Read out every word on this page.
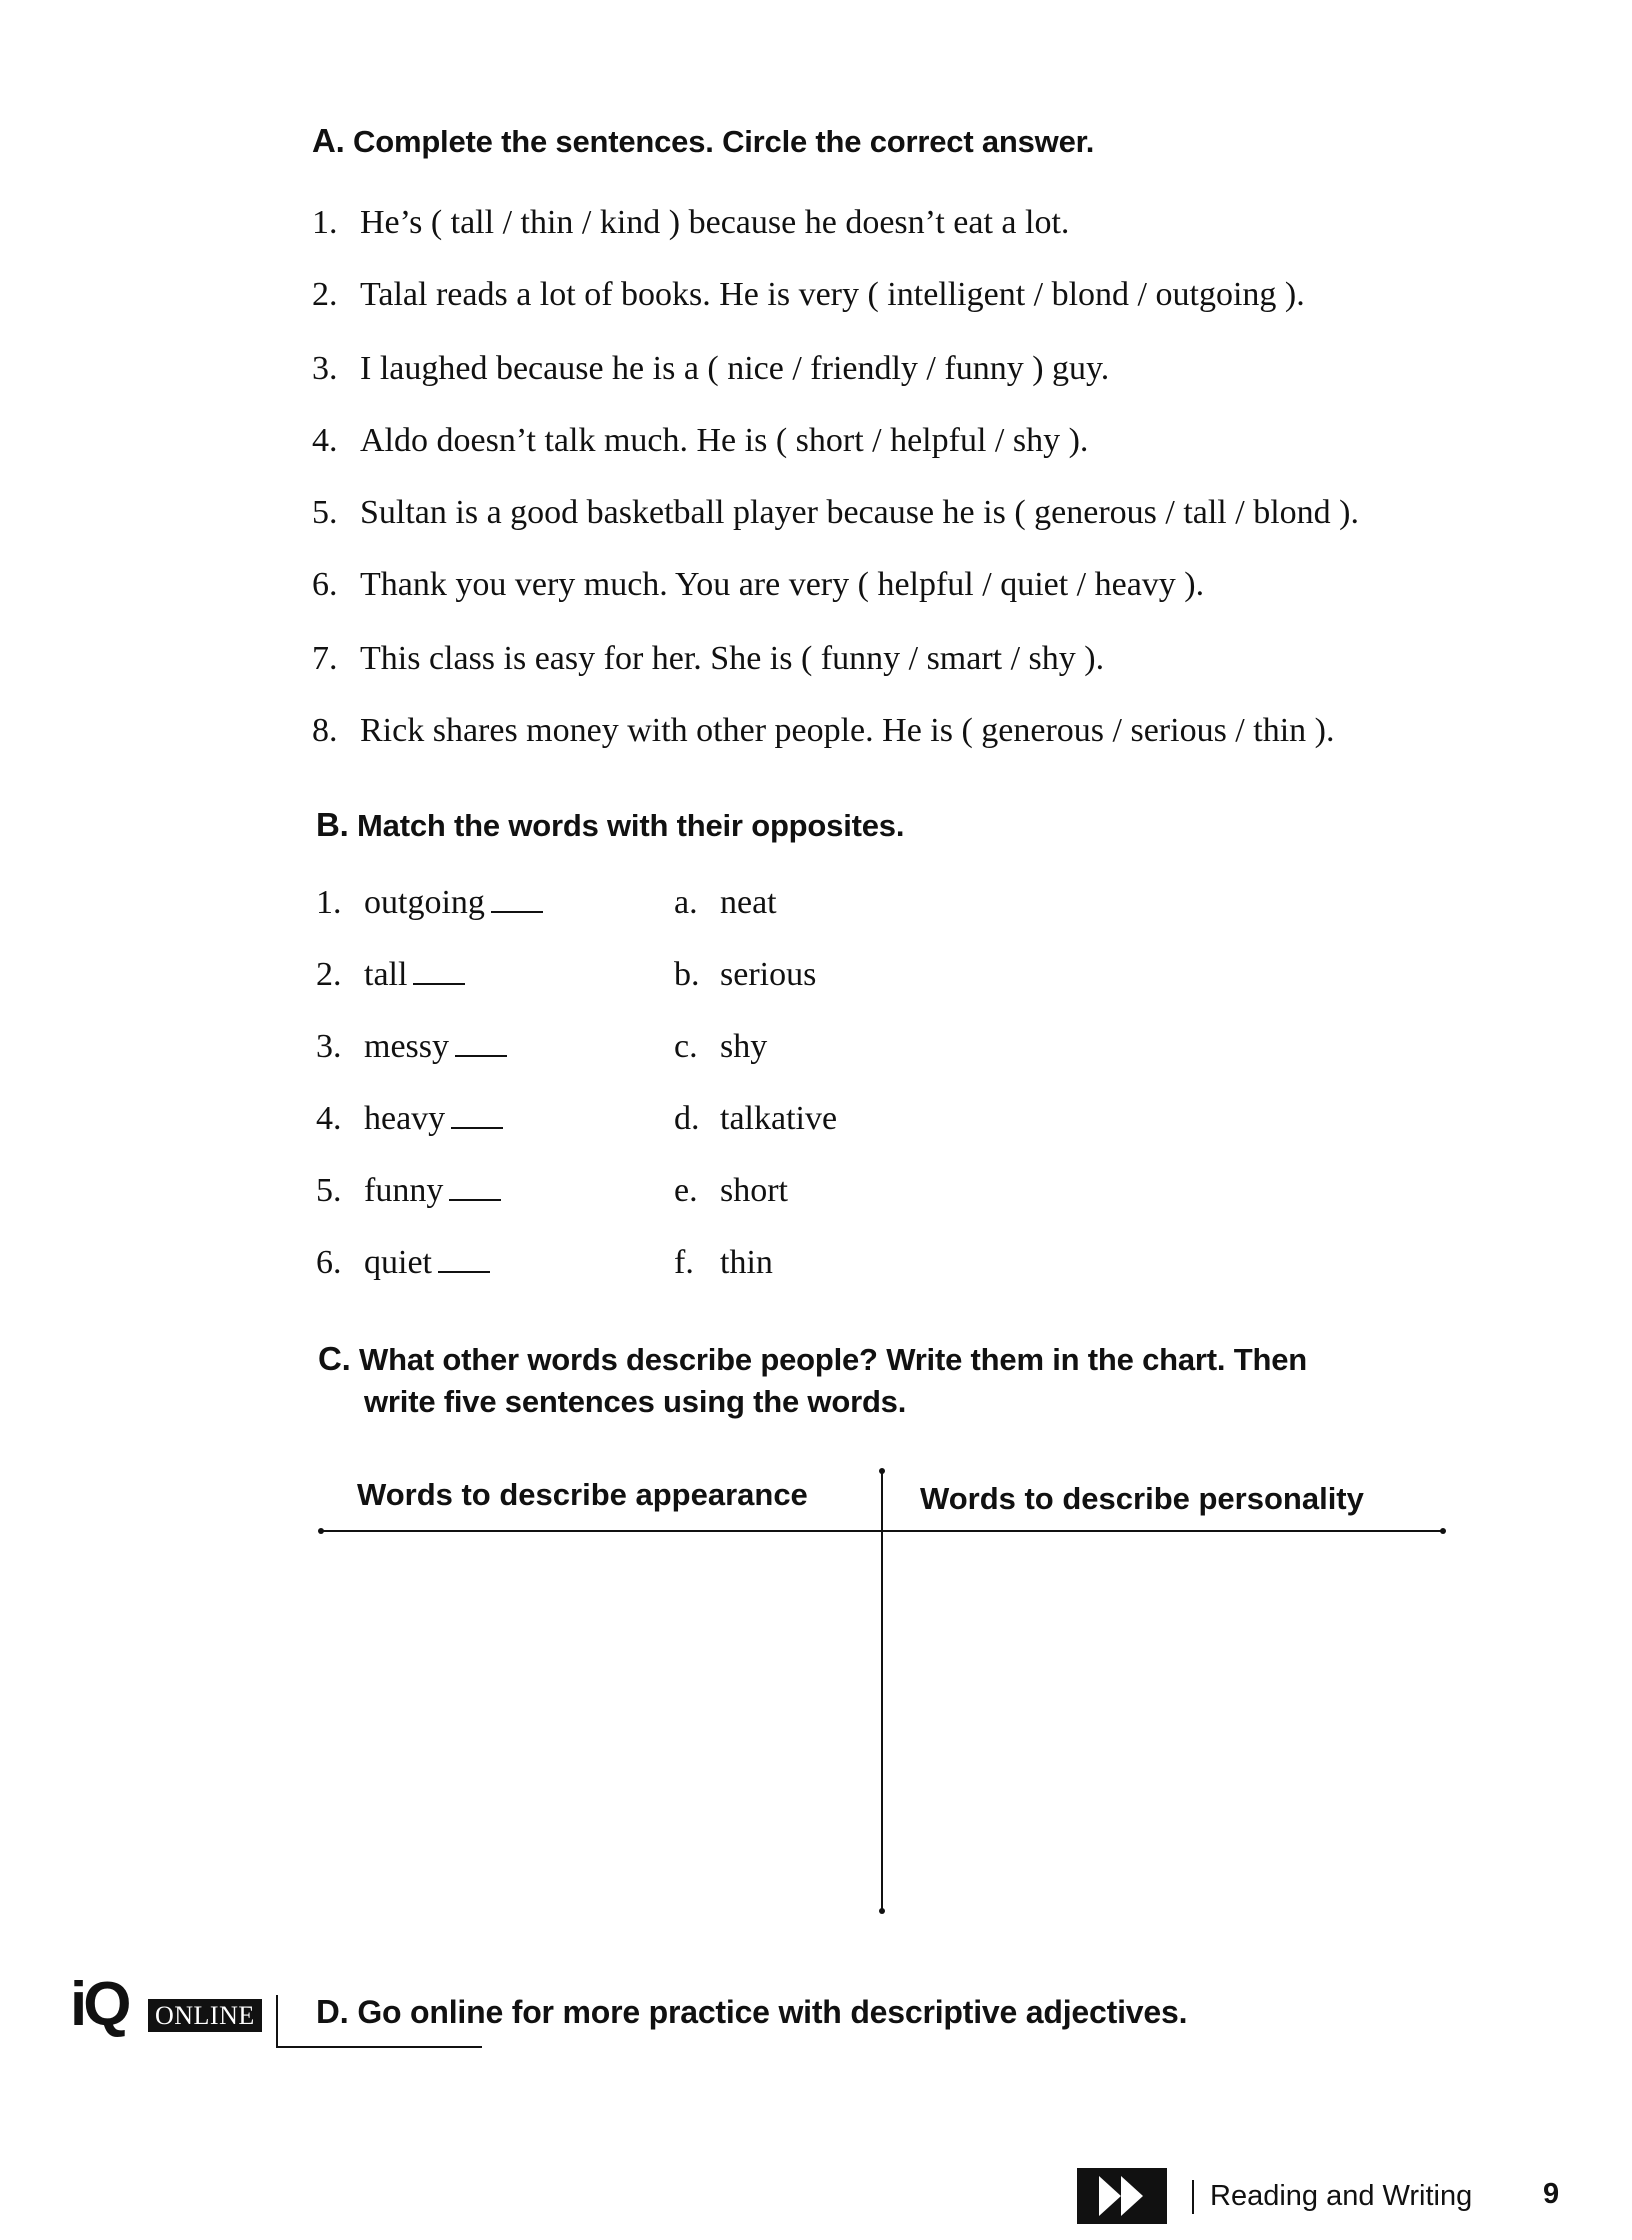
A. Complete the sentences. Circle the correct answer.
1. He’s ( tall / thin / kind ) because he doesn’t eat a lot.
2. Talal reads a lot of books. He is very ( intelligent / blond / outgoing ).
3. I laughed because he is a ( nice / friendly / funny ) guy.
4. Aldo doesn’t talk much. He is ( short / helpful / shy ).
5. Sultan is a good basketball player because he is ( generous / tall / blond ).
6. Thank you very much. You are very ( helpful / quiet / heavy ).
7. This class is easy for her. She is ( funny / smart / shy ).
8. Rick shares money with other people. He is ( generous / serious / thin ).
B. Match the words with their opposites.
1. outgoing
2. tall
3. messy
4. heavy
5. funny
6. quiet
a. neat
b. serious
c. shy
d. talkative
e. short
f. thin
C. What other words describe people? Write them in the chart. Then
write five sentences using the words.
Words to describe appearance	Words to describe personality
iQ ONLINE D. Go online for more practice with descriptive adjectives.
Reading and Writing 9
